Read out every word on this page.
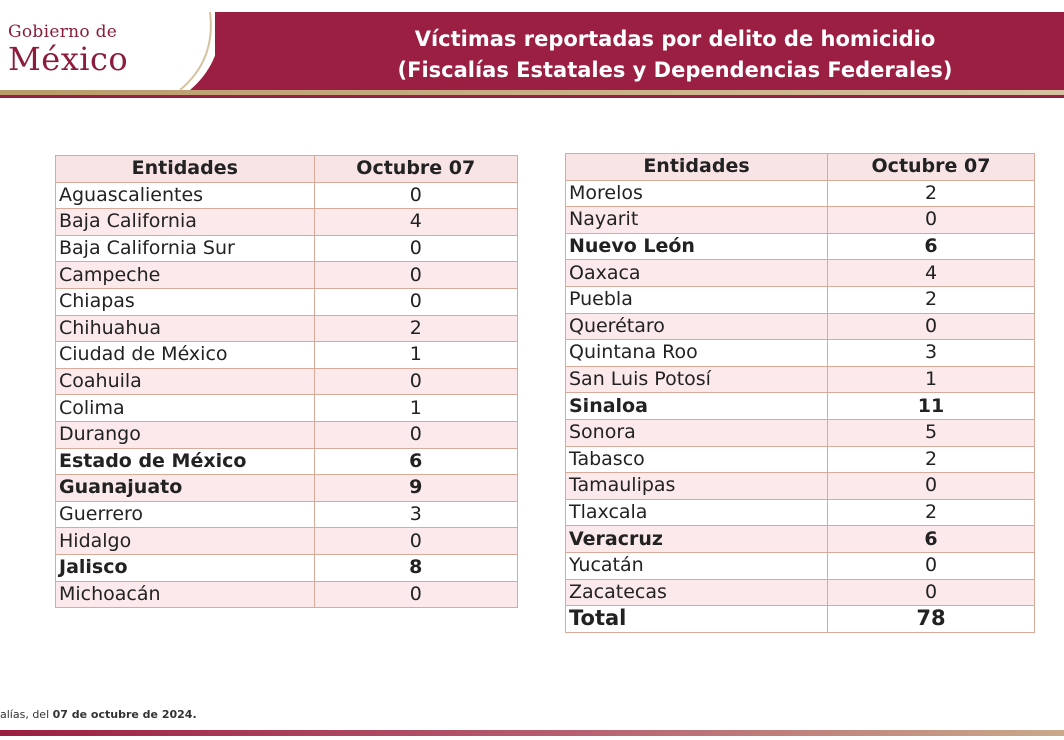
Gobierno de
México
Víctimas reportadas por delito de homicidio
(Fiscalías Estatales y Dependencias Federales)
Entidades	Octubre 07
Aguascalientes	0
Baja California	4
Baja California Sur	0
Campeche	0
Chiapas	0
Chihuahua	2
Ciudad de México	1
Coahuila	0
Colima	1
Durango	0
Estado de México	6
Guanajuato	9
Guerrero	3
Hidalgo	0
Jalisco	8
Michoacán	0
Entidades	Octubre 07
Morelos	2
Nayarit	0
Nuevo León	6
Oaxaca	4
Puebla	2
Querétaro	0
Quintana Roo	3
San Luis Potosí	1
Sinaloa	11
Sonora	5
Tabasco	2
Tamaulipas	0
Tlaxcala	2
Veracruz	6
Yucatán	0
Zacatecas	0
Total	78
alías, del 07 de octubre de 2024.
